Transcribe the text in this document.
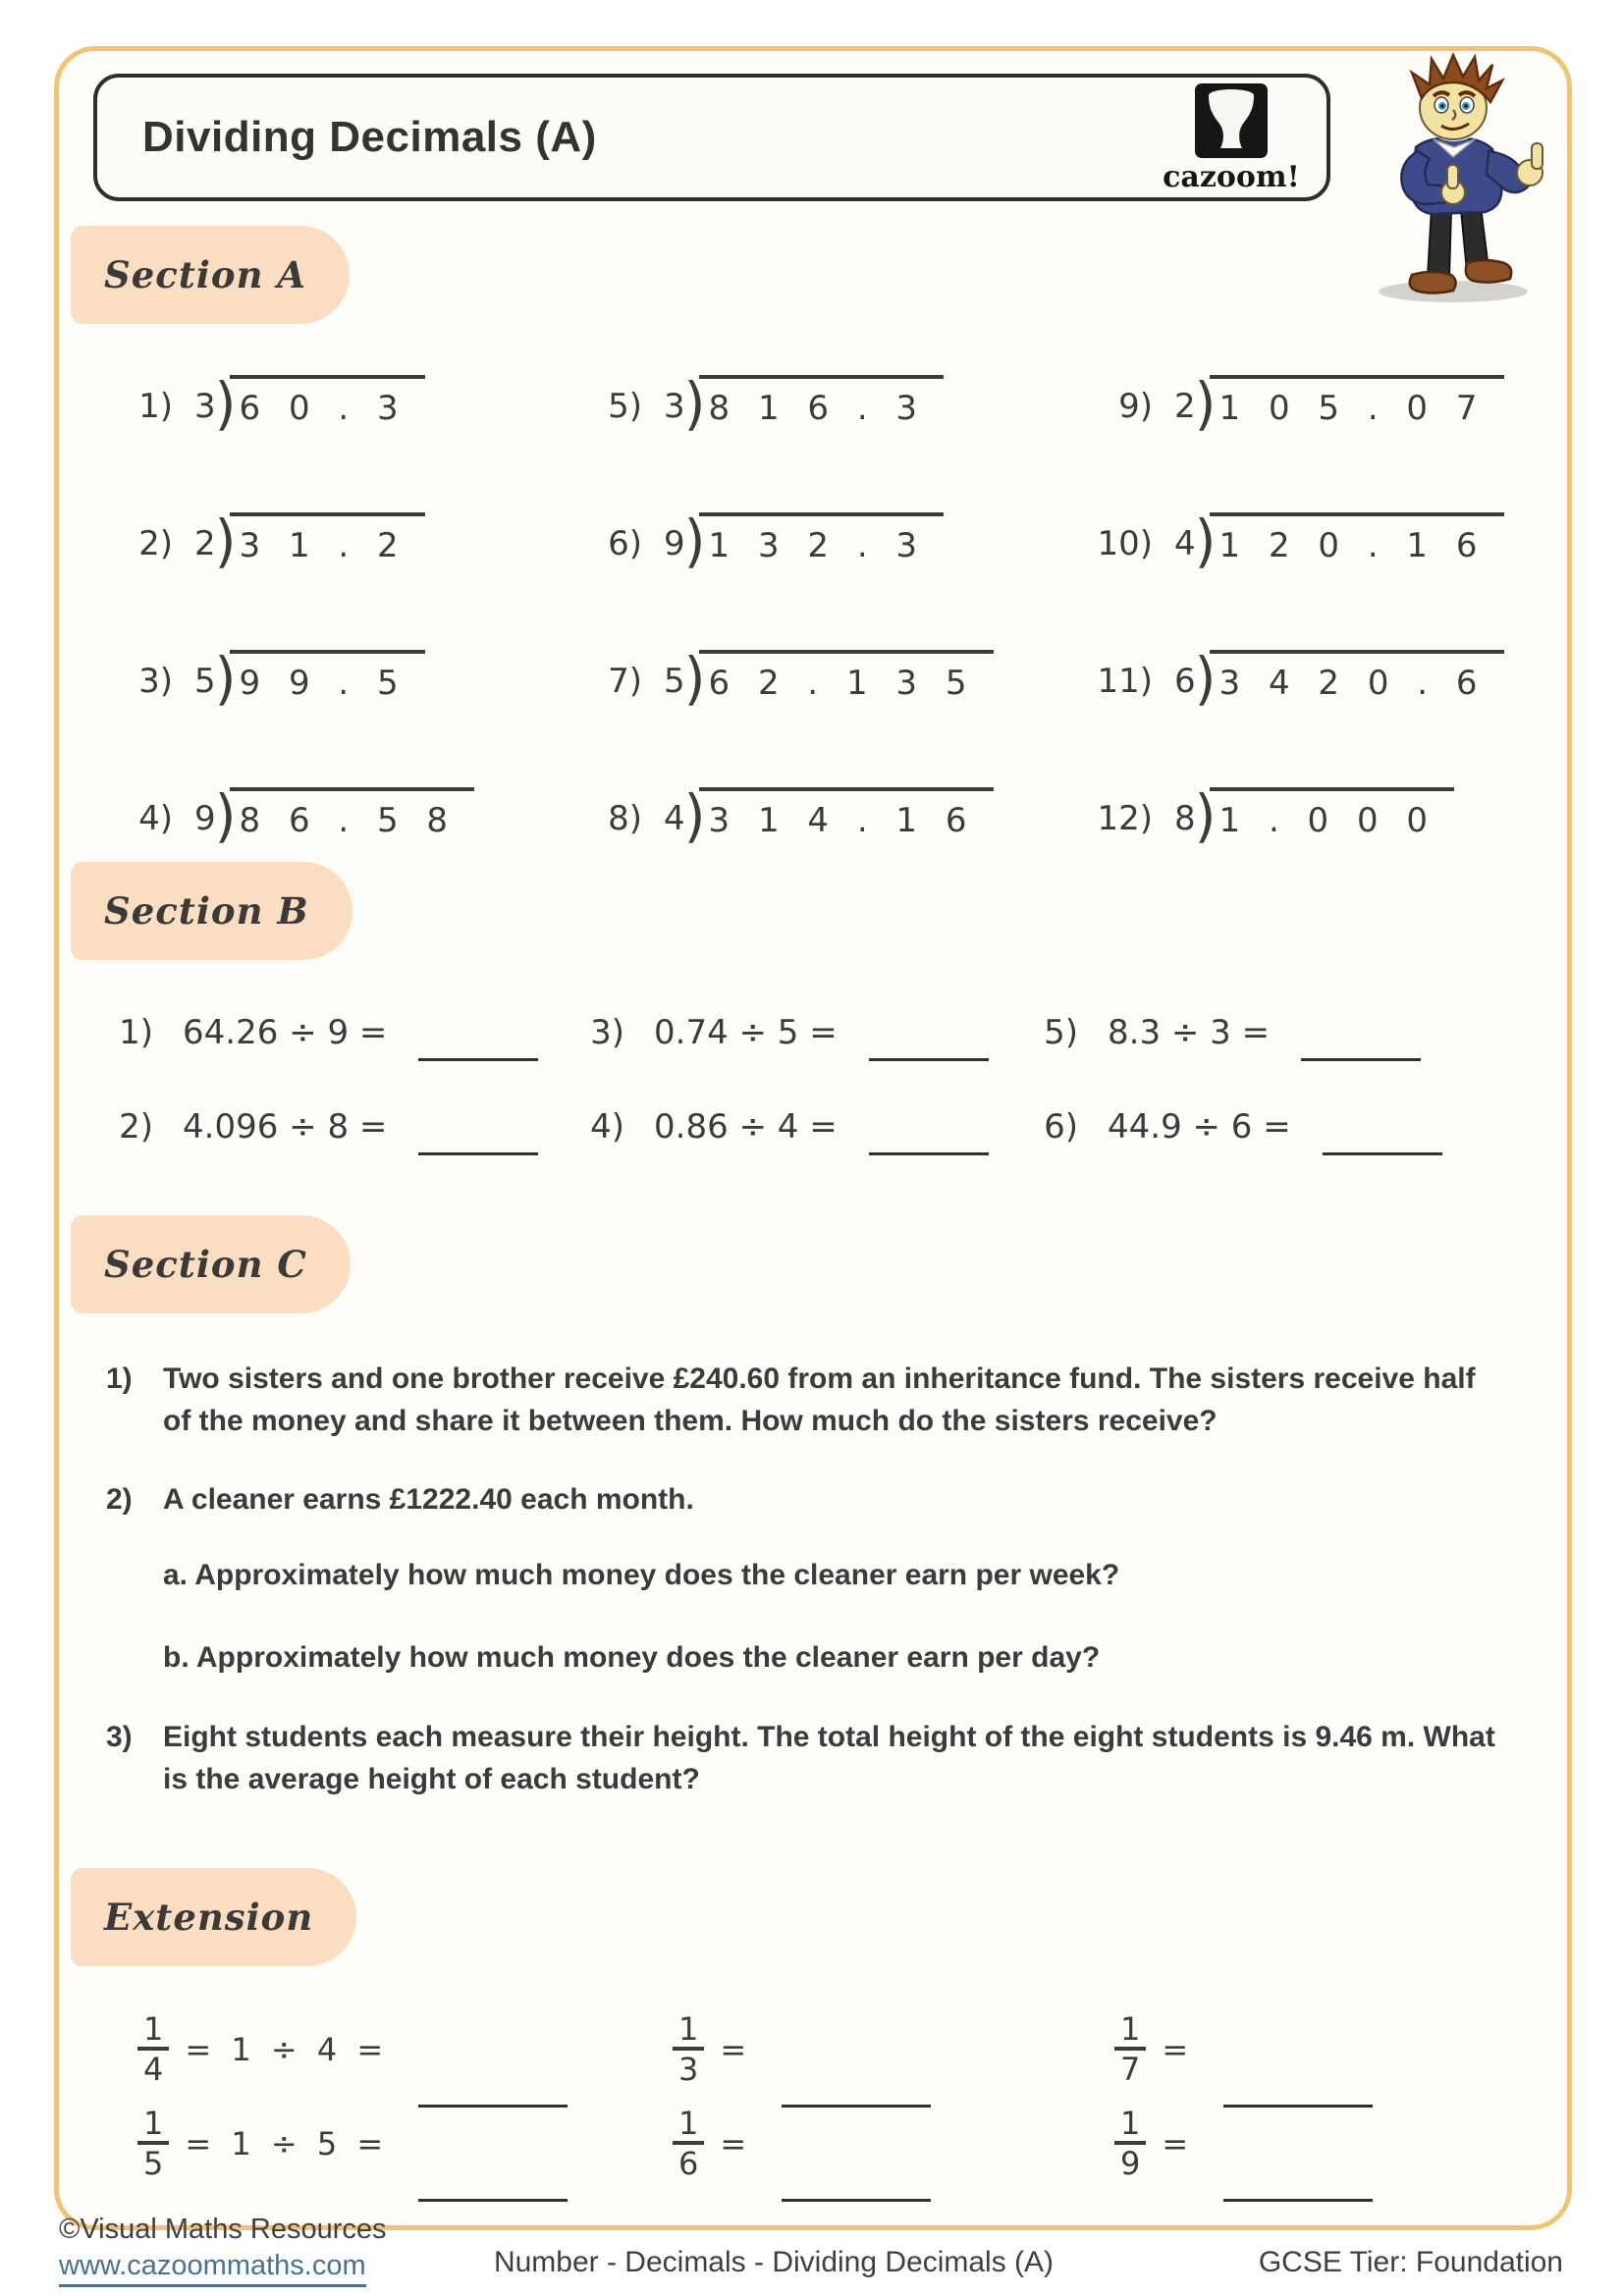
Dividing Decimals (A)
cazoom!
Section A
Section B
Section C
Extension
1) 3 ) 6 0 . 3	5) 3 ) 8 1 6 . 3	9) 2 ) 1 0 5 . 0 7
2) 2 ) 3 1 . 2	6) 9 ) 1 3 2 . 3	10) 4 ) 1 2 0 . 1 6
3) 5 ) 9 9 . 5	7) 5 ) 6 2 . 1 3 5	11) 6 ) 3 4 2 0 . 6
4) 9 ) 8 6 . 5 8	8) 4 ) 3 1 4 . 1 6	12) 8 ) 1 . 0 0 0
1) 64.26 ÷ 9 =	3) 0.74 ÷ 5 =	5) 8.3 ÷ 3 =
2) 4.096 ÷ 8 =	4) 0.86 ÷ 4 =	6) 44.9 ÷ 6 =
1)	Two sisters and one brother receive £240.60 from an inheritance fund. The sisters receive half of the money and share it between them. How much do the sisters receive?
2)	A cleaner earns £1222.40 each month.
a. Approximately how much money does the cleaner earn per week?
b. Approximately how much money does the cleaner earn per day?
3)	Eight students each measure their height. The total height of the eight students is 9.46 m. What is the average height of each student?
$\frac{1}{4} = 1 \div 4$ =	$\frac{1}{3}$ =	$\frac{1}{7}$ =
$\frac{1}{5} = 1 \div 5$ =	$\frac{1}{6}$ =	$\frac{1}{9}$ =
©Visual Maths Resources
www.cazoommaths.com	Number - Decimals - Dividing Decimals (A)	GCSE Tier: Foundation
